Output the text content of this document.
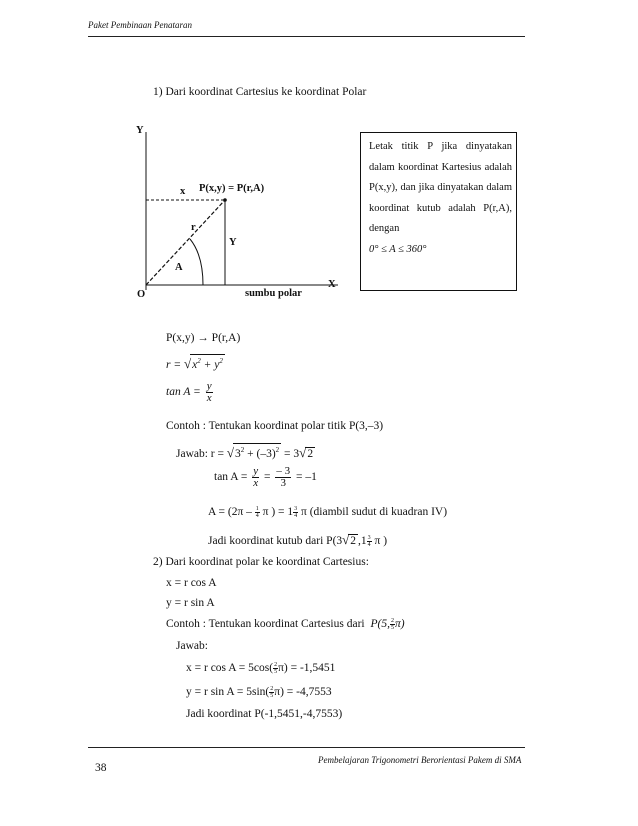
Paket Pembinaan Penataran
1) Dari koordinat Cartesius ke koordinat Polar
Y
X
O
P(x,y) = P(r,A)
x
r
Y
A
sumbu polar
Letak titik P jika dinyatakan dalam koordinat Kartesius adalah P(x,y), dan jika dinyatakan dalam koordinat kutub adalah P(r,A), dengan
0° ≤ A ≤ 360°
P(x,y) → P(r,A)
$r = √x^2 + y^2$
$\tan A = \frac{y}{x}$
Contoh : Tentukan koordinat polar titik P(3,–3)
Jawab: $r = √3^2 + (-3)^2 = 3√2$
$\tan A = \frac{y}{x} = \frac{- 3}{3} = -1$
$A = (2\pi - \frac{1}{4}$ π ) = $1 \frac{3}{4}$ π (diambil sudut di kuadran IV)
Jadi koordinat kutub dari P(3√2 $,1 \frac{3}{4}$ π )
2) Dari koordinat polar ke koordinat Cartesius:
x = r cos A
y = r sin A
Contoh : Tentukan koordinat Cartesius dari P(5, $\frac{2}{5} \pi$)
Jawab:
x = r $\cos A = 5\cos( \frac{2}{5} \pi) = -1,5451$
y = r $\sin A = 5\sin( \frac{2}{5} \pi) = -4,7553$
Jadi koordinat P(-1,5451,-4,7553)
38
Pembelajaran Trigonometri Berorientasi Pakem di SMA
